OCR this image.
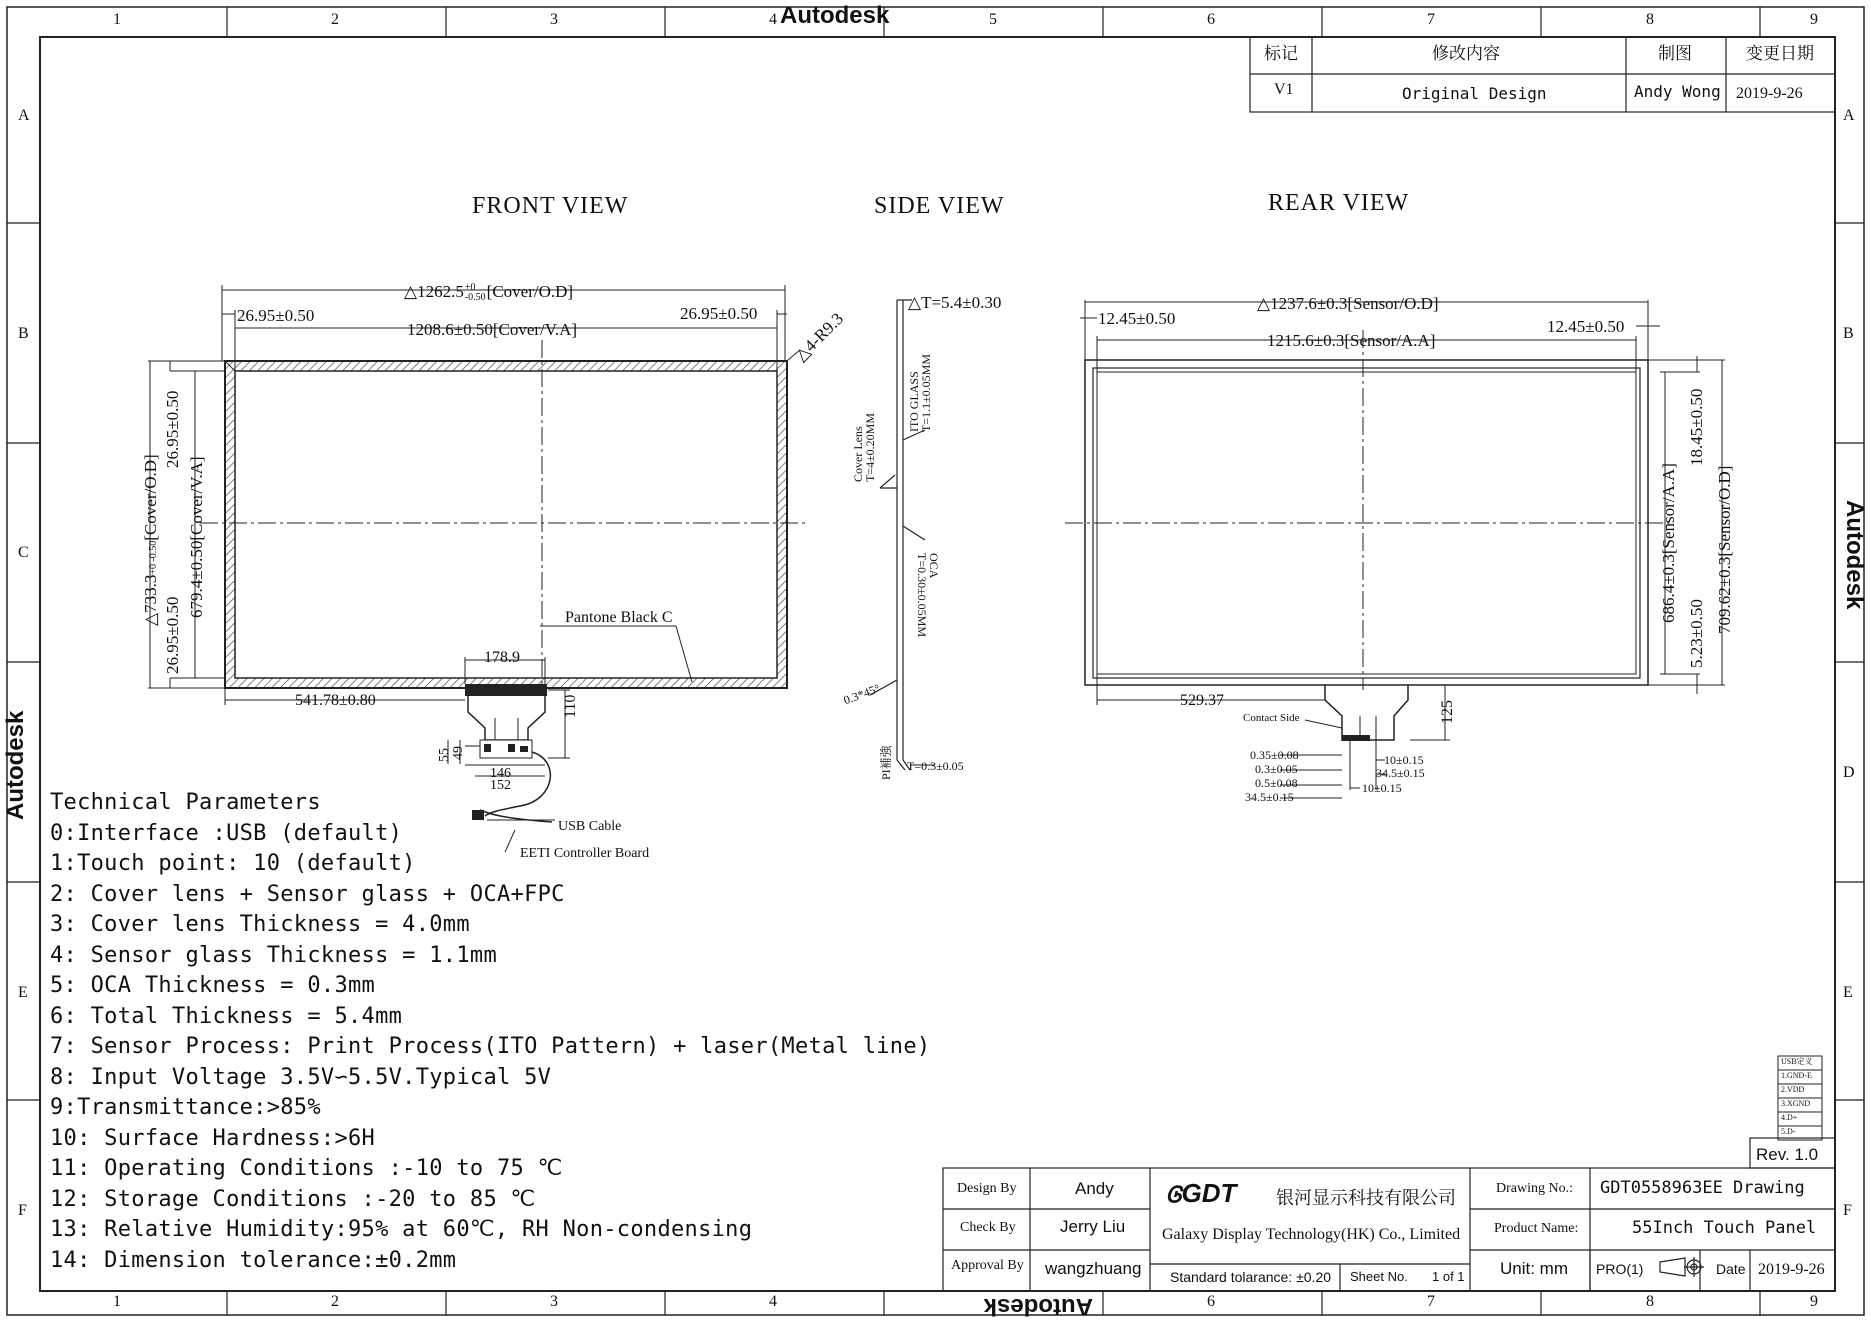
1	2	3	4	5	6	7	8	9
1	2	3	4	6	7	8	9
A
B
C
E
F
A
B
D
E
F
Autodesk
Autodesk
Autodesk
Autodesk
标记	修改内容	制图	变更日期
V1	Original Design	Andy Wong 2019-9-26
FRONT VIEW	SIDE VIEW	REAR VIEW
△1262.5 +0
-0.50 [Cover/O.D]
26.95±0.50	26.95±0.50
1208.6±0.50[Cover/V.A]	△4-R9.3
△733.3+0 -0.50[Cover/O.D]
26.95±0.50
679.4±0.50[Cover/V.A]
26.95±0.50	Pantone Black C
178.9
541.78±0.80	110
55 49
146
152
USB Cable
EETI Controller Board
△T=5.4±0.30
ITO GLASS T=1.1±0.05MM
Cover Lens T=4±0.20MM
OCA T=0.30±0.05MM
0.3*45°
PI補強 T=0.3±0.05
△1237.6±0.3[Sensor/O.D]
12.45±0.50	12.45±0.50
1215.6±0.3[Sensor/A.A]
686.4±0.3[Sensor/A.A]
18.45±0.50
709.62±0.3[Sensor/O.D]
5.23±0.50
529.37	125
Contact Side
0.35±0.08
0.3±0.05
0.5±0.08
34.5±0.15
10±0.15
34.5±0.15
10±0.15
Technical Parameters
0:Interface :USB (default)
1:Touch point: 10 (default)
2: Cover lens + Sensor glass + OCA+FPC
3: Cover lens Thickness = 4.0mm
4: Sensor glass Thickness = 1.1mm
5: OCA Thickness = 0.3mm
6: Total Thickness = 5.4mm
7: Sensor Process: Print Process(ITO Pattern) + laser(Metal line)
8: Input Voltage 3.5V∽5.5V.Typical 5V
9:Transmittance:>85%
10: Surface Hardness:>6H
11: Operating Conditions :-10 to 75 ℃
12: Storage Conditions :-20 to 85 ℃
13: Relative Humidity:95% at 60℃, RH Non-condensing
14: Dimension tolerance:±0.2mm
USB定义
1.GND-E
2.VDD
3.XGND
4.D+
5.D-
Rev. 1.0
Design By	Andy
Check By	Jerry Liu
Approval By wangzhuang
ᎶGDT 银河显示科技有限公司
Galaxy Display Technology(HK) Co., Limited
Standard tolarance: ±0.20 Sheet No. 1 of 1
Drawing No.: GDT0558963EE Drawing
Product Name:	55Inch Touch Panel
Unit: mm PRO(1)	Date 2019-9-26
